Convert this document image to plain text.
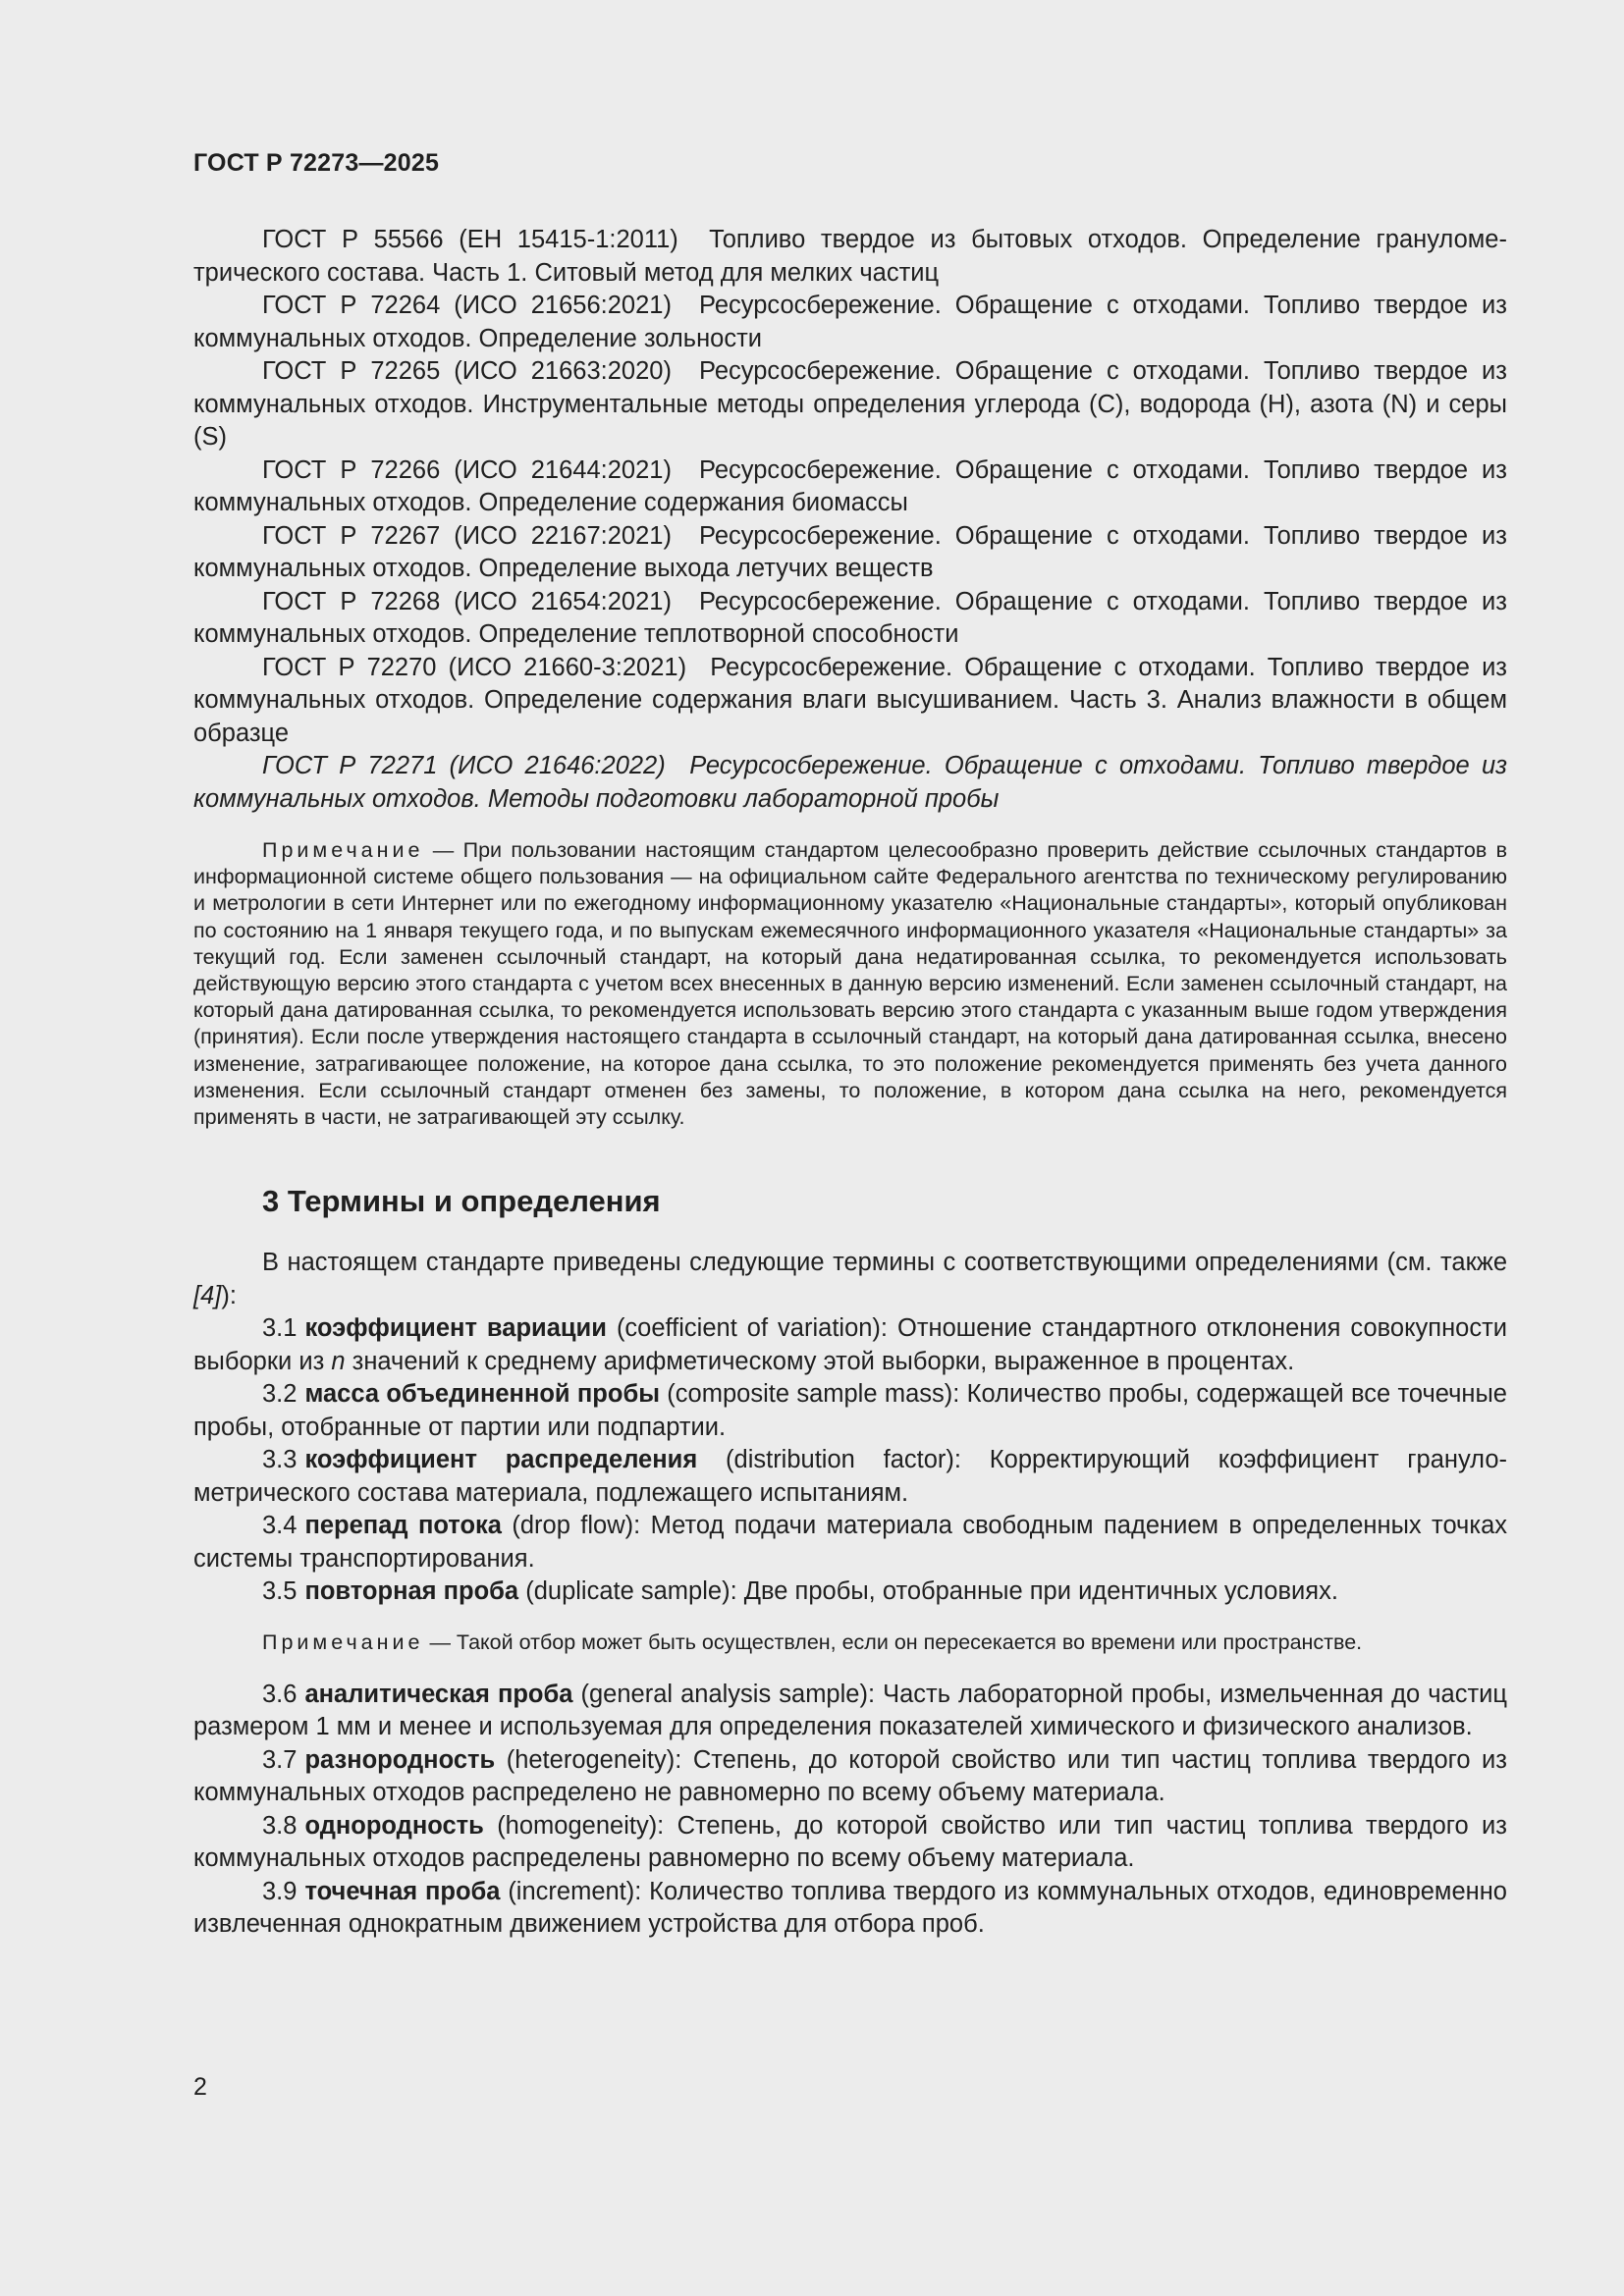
ГОСТ Р 72273—2025

ГОСТ Р 55566 (ЕН 15415-1:2011) Топливо твердое из бытовых отходов. Определение гранулометрического состава. Часть 1. Ситовый метод для мелких частиц

ГОСТ Р 72264 (ИСО 21656:2021) Ресурсосбережение. Обращение с отходами. Топливо твердое из коммунальных отходов. Определение зольности

ГОСТ Р 72265 (ИСО 21663:2020) Ресурсосбережение. Обращение с отходами. Топливо твердое из коммунальных отходов. Инструментальные методы определения углерода (С), водорода (Н), азота (N) и серы (S)

ГОСТ Р 72266 (ИСО 21644:2021) Ресурсосбережение. Обращение с отходами. Топливо твердое из коммунальных отходов. Определение содержания биомассы

ГОСТ Р 72267 (ИСО 22167:2021) Ресурсосбережение. Обращение с отходами. Топливо твердое из коммунальных отходов. Определение выхода летучих веществ

ГОСТ Р 72268 (ИСО 21654:2021) Ресурсосбережение. Обращение с отходами. Топливо твердое из коммунальных отходов. Определение теплотворной способности

ГОСТ Р 72270 (ИСО 21660-3:2021) Ресурсосбережение. Обращение с отходами. Топливо твердое из коммунальных отходов. Определение содержания влаги высушиванием. Часть 3. Анализ влажности в общем образце

ГОСТ Р 72271 (ИСО 21646:2022) Ресурсосбережение. Обращение с отходами. Топливо твердое из коммунальных отходов. Методы подготовки лабораторной пробы

Примечание — При пользовании настоящим стандартом целесообразно проверить действие ссылочных стандартов в информационной системе общего пользования — на официальном сайте Федерального агентства по техническому регулированию и метрологии в сети Интернет или по ежегодному информационному указателю «Национальные стандарты», который опубликован по состоянию на 1 января текущего года, и по выпускам ежемесячного информационного указателя «Национальные стандарты» за текущий год. Если заменен ссылочный стандарт, на который дана недатированная ссылка, то рекомендуется использовать действующую версию этого стандарта с учетом всех внесенных в данную версию изменений. Если заменен ссылочный стандарт, на который дана датированная ссылка, то рекомендуется использовать версию этого стандарта с указанным выше годом утверждения (принятия). Если после утверждения настоящего стандарта в ссылочный стандарт, на который дана датированная ссылка, внесено изменение, затрагивающее положение, на которое дана ссылка, то это положение рекомендуется применять без учета данного изменения. Если ссылочный стандарт отменен без замены, то положение, в котором дана ссылка на него, рекомендуется применять в части, не затрагивающей эту ссылку.

3 Термины и определения

В настоящем стандарте приведены следующие термины с соответствующими определениями (см. также [4]):

3.1 коэффициент вариации (coefficient of variation): Отношение стандартного отклонения совокупности выборки из n значений к среднему арифметическому этой выборки, выраженное в процентах.

3.2 масса объединенной пробы (composite sample mass): Количество пробы, содержащей все точечные пробы, отобранные от партии или подпартии.

3.3 коэффициент распределения (distribution factor): Корректирующий коэффициент гранулометрического состава материала, подлежащего испытаниям.

3.4 перепад потока (drop flow): Метод подачи материала свободным падением в определенных точках системы транспортирования.

3.5 повторная проба (duplicate sample): Две пробы, отобранные при идентичных условиях.

Примечание — Такой отбор может быть осуществлен, если он пересекается во времени или пространстве.

3.6 аналитическая проба (general analysis sample): Часть лабораторной пробы, измельченная до частиц размером 1 мм и менее и используемая для определения показателей химического и физического анализов.

3.7 разнородность (heterogeneity): Степень, до которой свойство или тип частиц топлива твердого из коммунальных отходов распределено не равномерно по всему объему материала.

3.8 однородность (homogeneity): Степень, до которой свойство или тип частиц топлива твердого из коммунальных отходов распределены равномерно по всему объему материала.

3.9 точечная проба (increment): Количество топлива твердого из коммунальных отходов, единовременно извлеченная однократным движением устройства для отбора проб.

2
